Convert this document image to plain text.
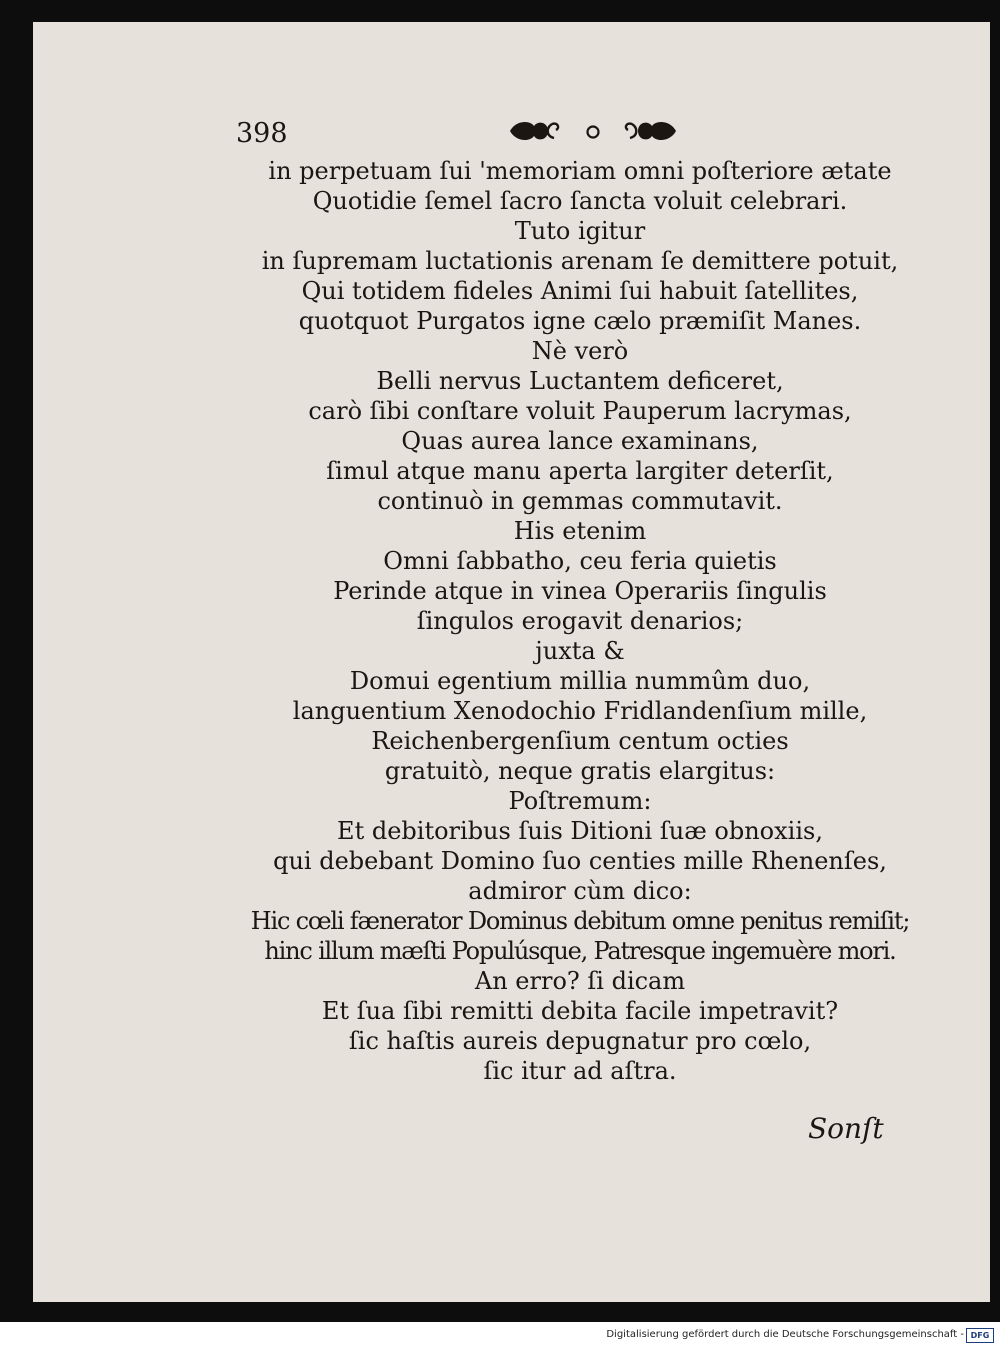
398

in perpetuam ſui 'memoriam omni poſteriore ætate
Quotidie ſemel ſacro ſancta voluit celebrari.
Tuto igitur
in ſupremam luctationis arenam ſe demittere potuit,
Qui totidem fideles Animi ſui habuit ſatellites,
quotquot Purgatos igne cælo præmiſit Manes.
Nè verò
Belli nervus Luctantem deficeret,
carò ſibi conſtare voluit Pauperum lacrymas,
Quas aurea lance examinans,
ſimul atque manu aperta largiter deterſit,
continuò in gemmas commutavit.
His etenim
Omni ſabbatho, ceu feria quietis
Perinde atque in vinea Operariis ſingulis
ſingulos erogavit denarios;
juxta &
Domui egentium millia nummûm duo,
languentium Xenodochio Fridlandenſium mille,
Reichenbergenſium centum octies
gratuitò, neque gratis elargitus:
Poſtremum:
Et debitoribus ſuis Ditioni ſuæ obnoxiis,
qui debebant Domino ſuo centies mille Rhenenſes,
admiror cùm dico:
Hic cœli fænerator Dominus debitum omne penitus remiſit;
hinc illum mæſti Populúsque, Patresque ingemuère mori.
An erro? ſi dicam
Et ſua ſibi remitti debita facile impetravit?
ſic haſtis aureis depugnatur pro cœlo,
ſic itur ad aſtra.

Sonſt

Digitalisierung gefördert durch die Deutsche Forschungsgemeinschaft - DFG
